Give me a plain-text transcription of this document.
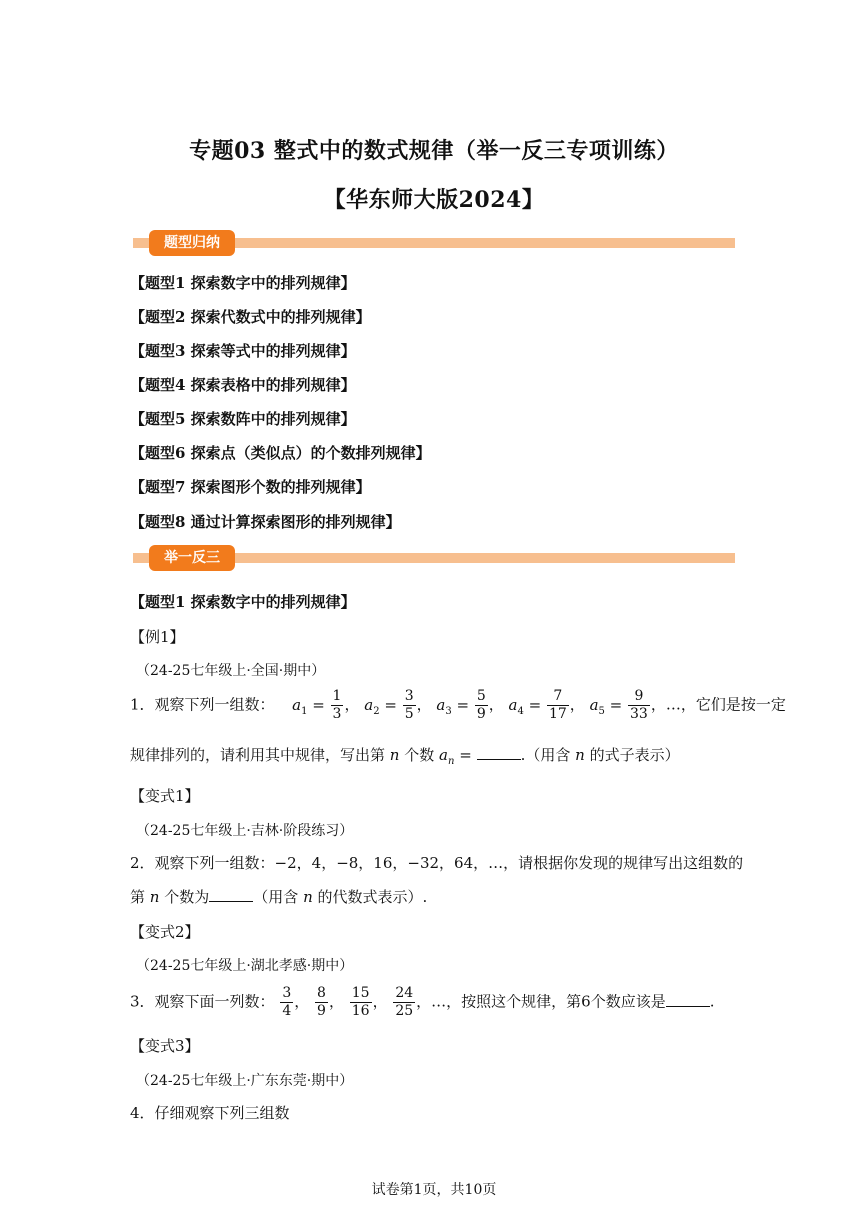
专题03 整式中的数式规律（举一反三专项训练）
【华东师大版2024】
题型归纳
【题型1 探索数字中的排列规律】
【题型2 探索代数式中的排列规律】
【题型3 探索等式中的排列规律】
【题型4 探索表格中的排列规律】
【题型5 探索数阵中的排列规律】
【题型6 探索点（类似点）的个数排列规律】
【题型7 探索图形个数的排列规律】
【题型8 通过计算探索图形的排列规律】
举一反三
【题型1 探索数字中的排列规律】
【例1】
（24-25七年级上·全国·期中）
1．观察下列一组数： $a_1 = \frac{1}{3}$ ， $a_2 = \frac{3}{5}$ ， $a_3 = \frac{5}{9}$ ， $a_4 = \frac{7}{17}$ ， $a_5 = \frac{9}{33}$ ，…，它们是按一定
规律排列的，请利用其中规律，写出第 n 个数 $a_n$ =	.（用含 n 的式子表示）
【变式1】
（24-25七年级上·吉林·阶段练习）
2．观察下列一组数：−2，4，−8，16，−32，64，…，请根据你发现的规律写出这组数的
第 n 个数为	（用含 n 的代数式表示）.
【变式2】
（24-25七年级上·湖北孝感·期中）
3．观察下面一列数： $\frac{3}{4}$ ， $\frac{8}{9}$ ， $\frac{15}{16}$ ， $\frac{24}{25}$ ，…，按照这个规律，第6个数应该是	.
【变式3】
（24-25七年级上·广东东莞·期中）
4．仔细观察下列三组数
试卷第1页，共10页
